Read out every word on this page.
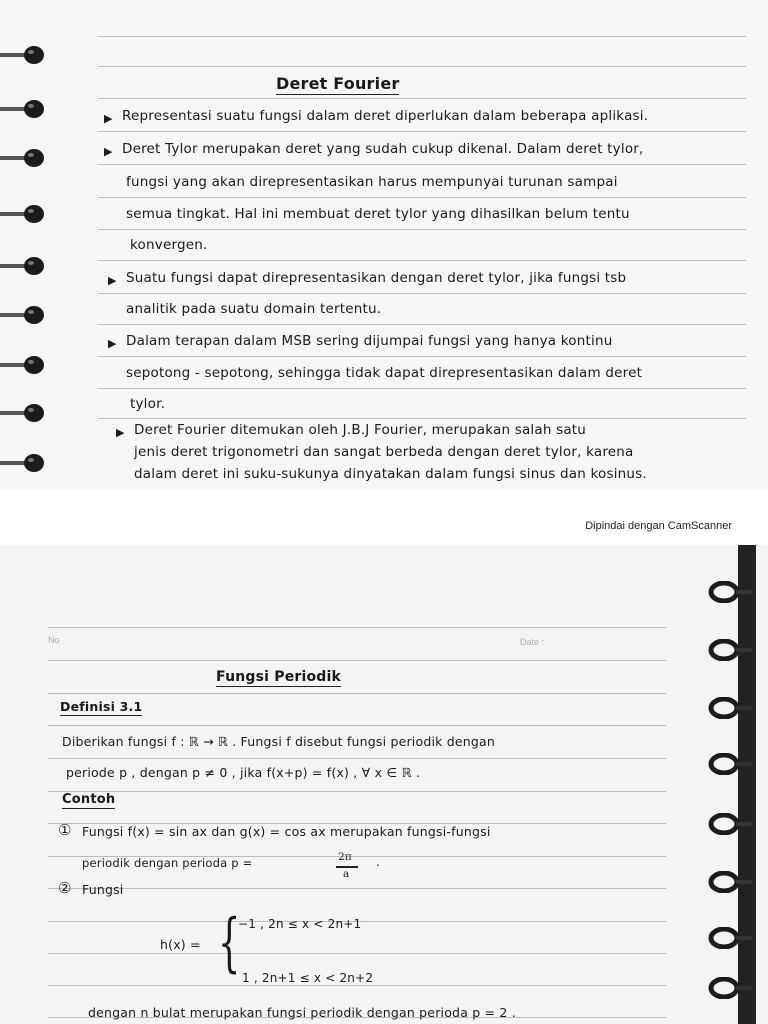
Deret Fourier
▶ Representasi suatu fungsi dalam deret diperlukan dalam beberapa aplikasi.
▶ Deret Tylor merupakan deret yang sudah cukup dikenal. Dalam deret tylor,
fungsi yang akan direpresentasikan harus mempunyai turunan sampai
semua tingkat. Hal ini membuat deret tylor yang dihasilkan belum tentu
konvergen.
▶ Suatu fungsi dapat direpresentasikan dengan deret tylor, jika fungsi tsb
analitik pada suatu domain tertentu.
▶ Dalam terapan dalam MSB sering dijumpai fungsi yang hanya kontinu
sepotong - sepotong, sehingga tidak dapat direpresentasikan dalam deret
tylor.
▶ Deret Fourier ditemukan oleh J.B.J Fourier, merupakan salah satu
jenis deret trigonometri dan sangat berbeda dengan deret tylor, karena
dalam deret ini suku-sukunya dinyatakan dalam fungsi sinus dan kosinus.
Dipindai dengan CamScanner
No	Date :
Fungsi Periodik
Definisi 3.1
Diberikan fungsi f : ℝ → ℝ . Fungsi f disebut fungsi periodik dengan
periode p , dengan p ≠ 0 , jika f(x+p) = f(x) , ∀ x ∈ ℝ .
Contoh
① Fungsi f(x) = sin ax dan g(x) = cos ax merupakan fungsi-fungsi
periodik dengan perioda p =	2π
a
.
② Fungsi
h(x) = {
−1 , 2n ≤ x < 2n+1
1 , 2n+1 ≤ x < 2n+2
dengan n bulat merupakan fungsi periodik dengan perioda p = 2 .
